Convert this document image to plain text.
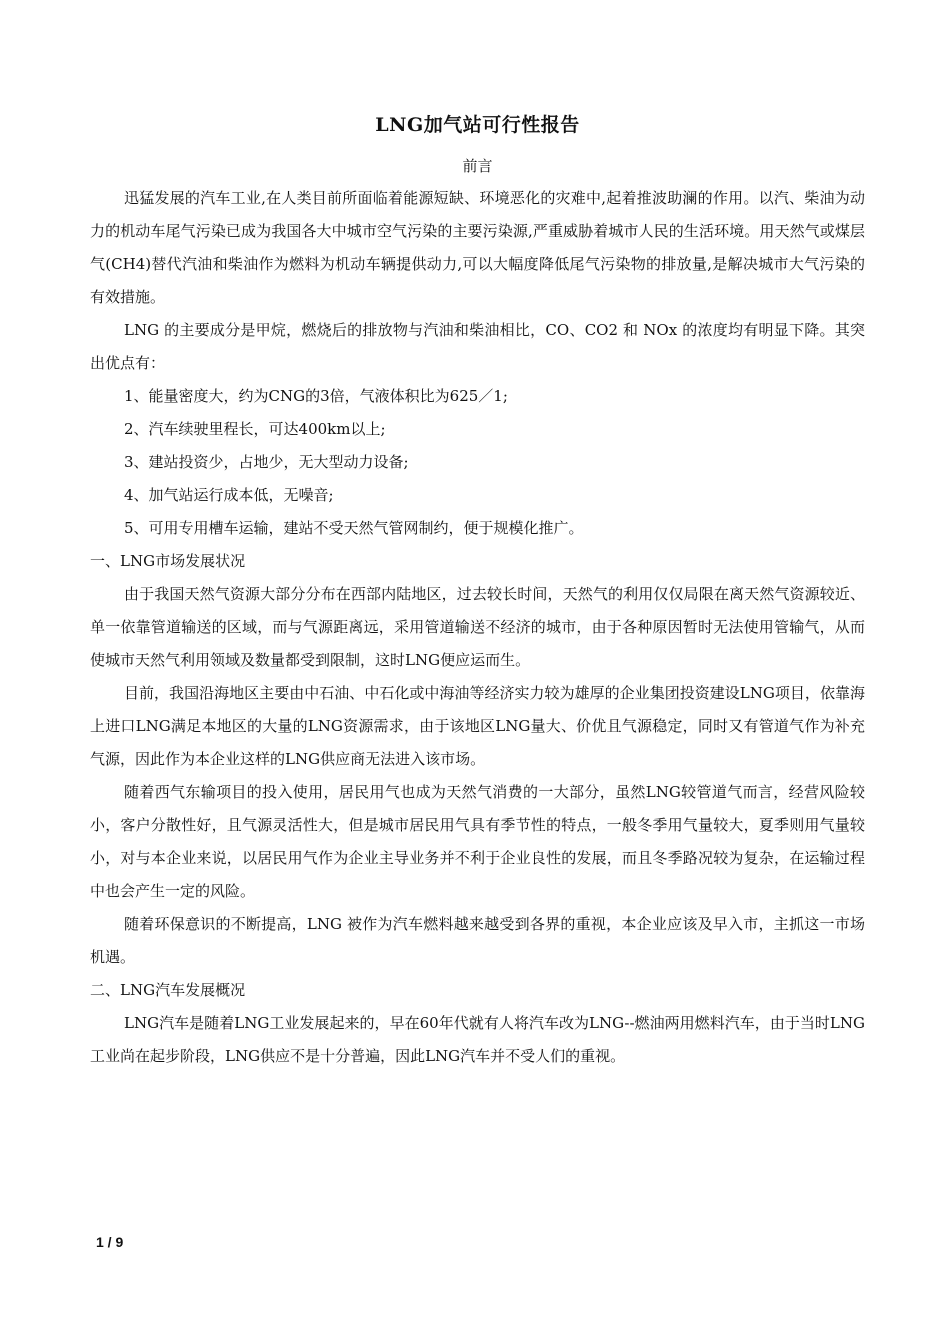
LNG加气站可行性报告
前言

迅猛发展的汽车工业,在人类目前所面临着能源短缺、环境恶化的灾难中,起着推波助澜的作用。以汽、柴油为动力的机动车尾气污染已成为我国各大中城市空气污染的主要污染源,严重威胁着城市人民的生活环境。用天然气或煤层气(CH4)替代汽油和柴油作为燃料为机动车辆提供动力,可以大幅度降低尾气污染物的排放量,是解决城市大气污染的有效措施。

LNG 的主要成分是甲烷，燃烧后的排放物与汽油和柴油相比，CO、CO2 和 NOx 的浓度均有明显下降。其突出优点有：

1、能量密度大，约为CNG的3倍，气液体积比为625／1;

2、汽车续驶里程长，可达400km以上;

3、建站投资少，占地少，无大型动力设备;

4、加气站运行成本低，无噪音;

5、可用专用槽车运输，建站不受天然气管网制约，便于规模化推广。

一、LNG市场发展状况

由于我国天然气资源大部分分布在西部内陆地区，过去较长时间，天然气的利用仅仅局限在离天然气资源较近、单一依靠管道输送的区域，而与气源距离远，采用管道输送不经济的城市，由于各种原因暂时无法使用管输气，从而使城市天然气利用领域及数量都受到限制，这时LNG便应运而生。

目前，我国沿海地区主要由中石油、中石化或中海油等经济实力较为雄厚的企业集团投资建设LNG项目，依靠海上进口LNG满足本地区的大量的LNG资源需求，由于该地区LNG量大、价优且气源稳定，同时又有管道气作为补充气源，因此作为本企业这样的LNG供应商无法进入该市场。

随着西气东输项目的投入使用，居民用气也成为天然气消费的一大部分，虽然LNG较管道气而言，经营风险较小，客户分散性好，且气源灵活性大，但是城市居民用气具有季节性的特点，一般冬季用气量较大，夏季则用气量较小，对与本企业来说，以居民用气作为企业主导业务并不利于企业良性的发展，而且冬季路况较为复杂，在运输过程中也会产生一定的风险。

随着环保意识的不断提高，LNG 被作为汽车燃料越来越受到各界的重视，本企业应该及早入市，主抓这一市场机遇。

二、LNG汽车发展概况

LNG汽车是随着LNG工业发展起来的，早在60年代就有人将汽车改为LNG--燃油两用燃料汽车，由于当时LNG工业尚在起步阶段，LNG供应不是十分普遍，因此LNG汽车并不受人们的重视。

1 / 9
